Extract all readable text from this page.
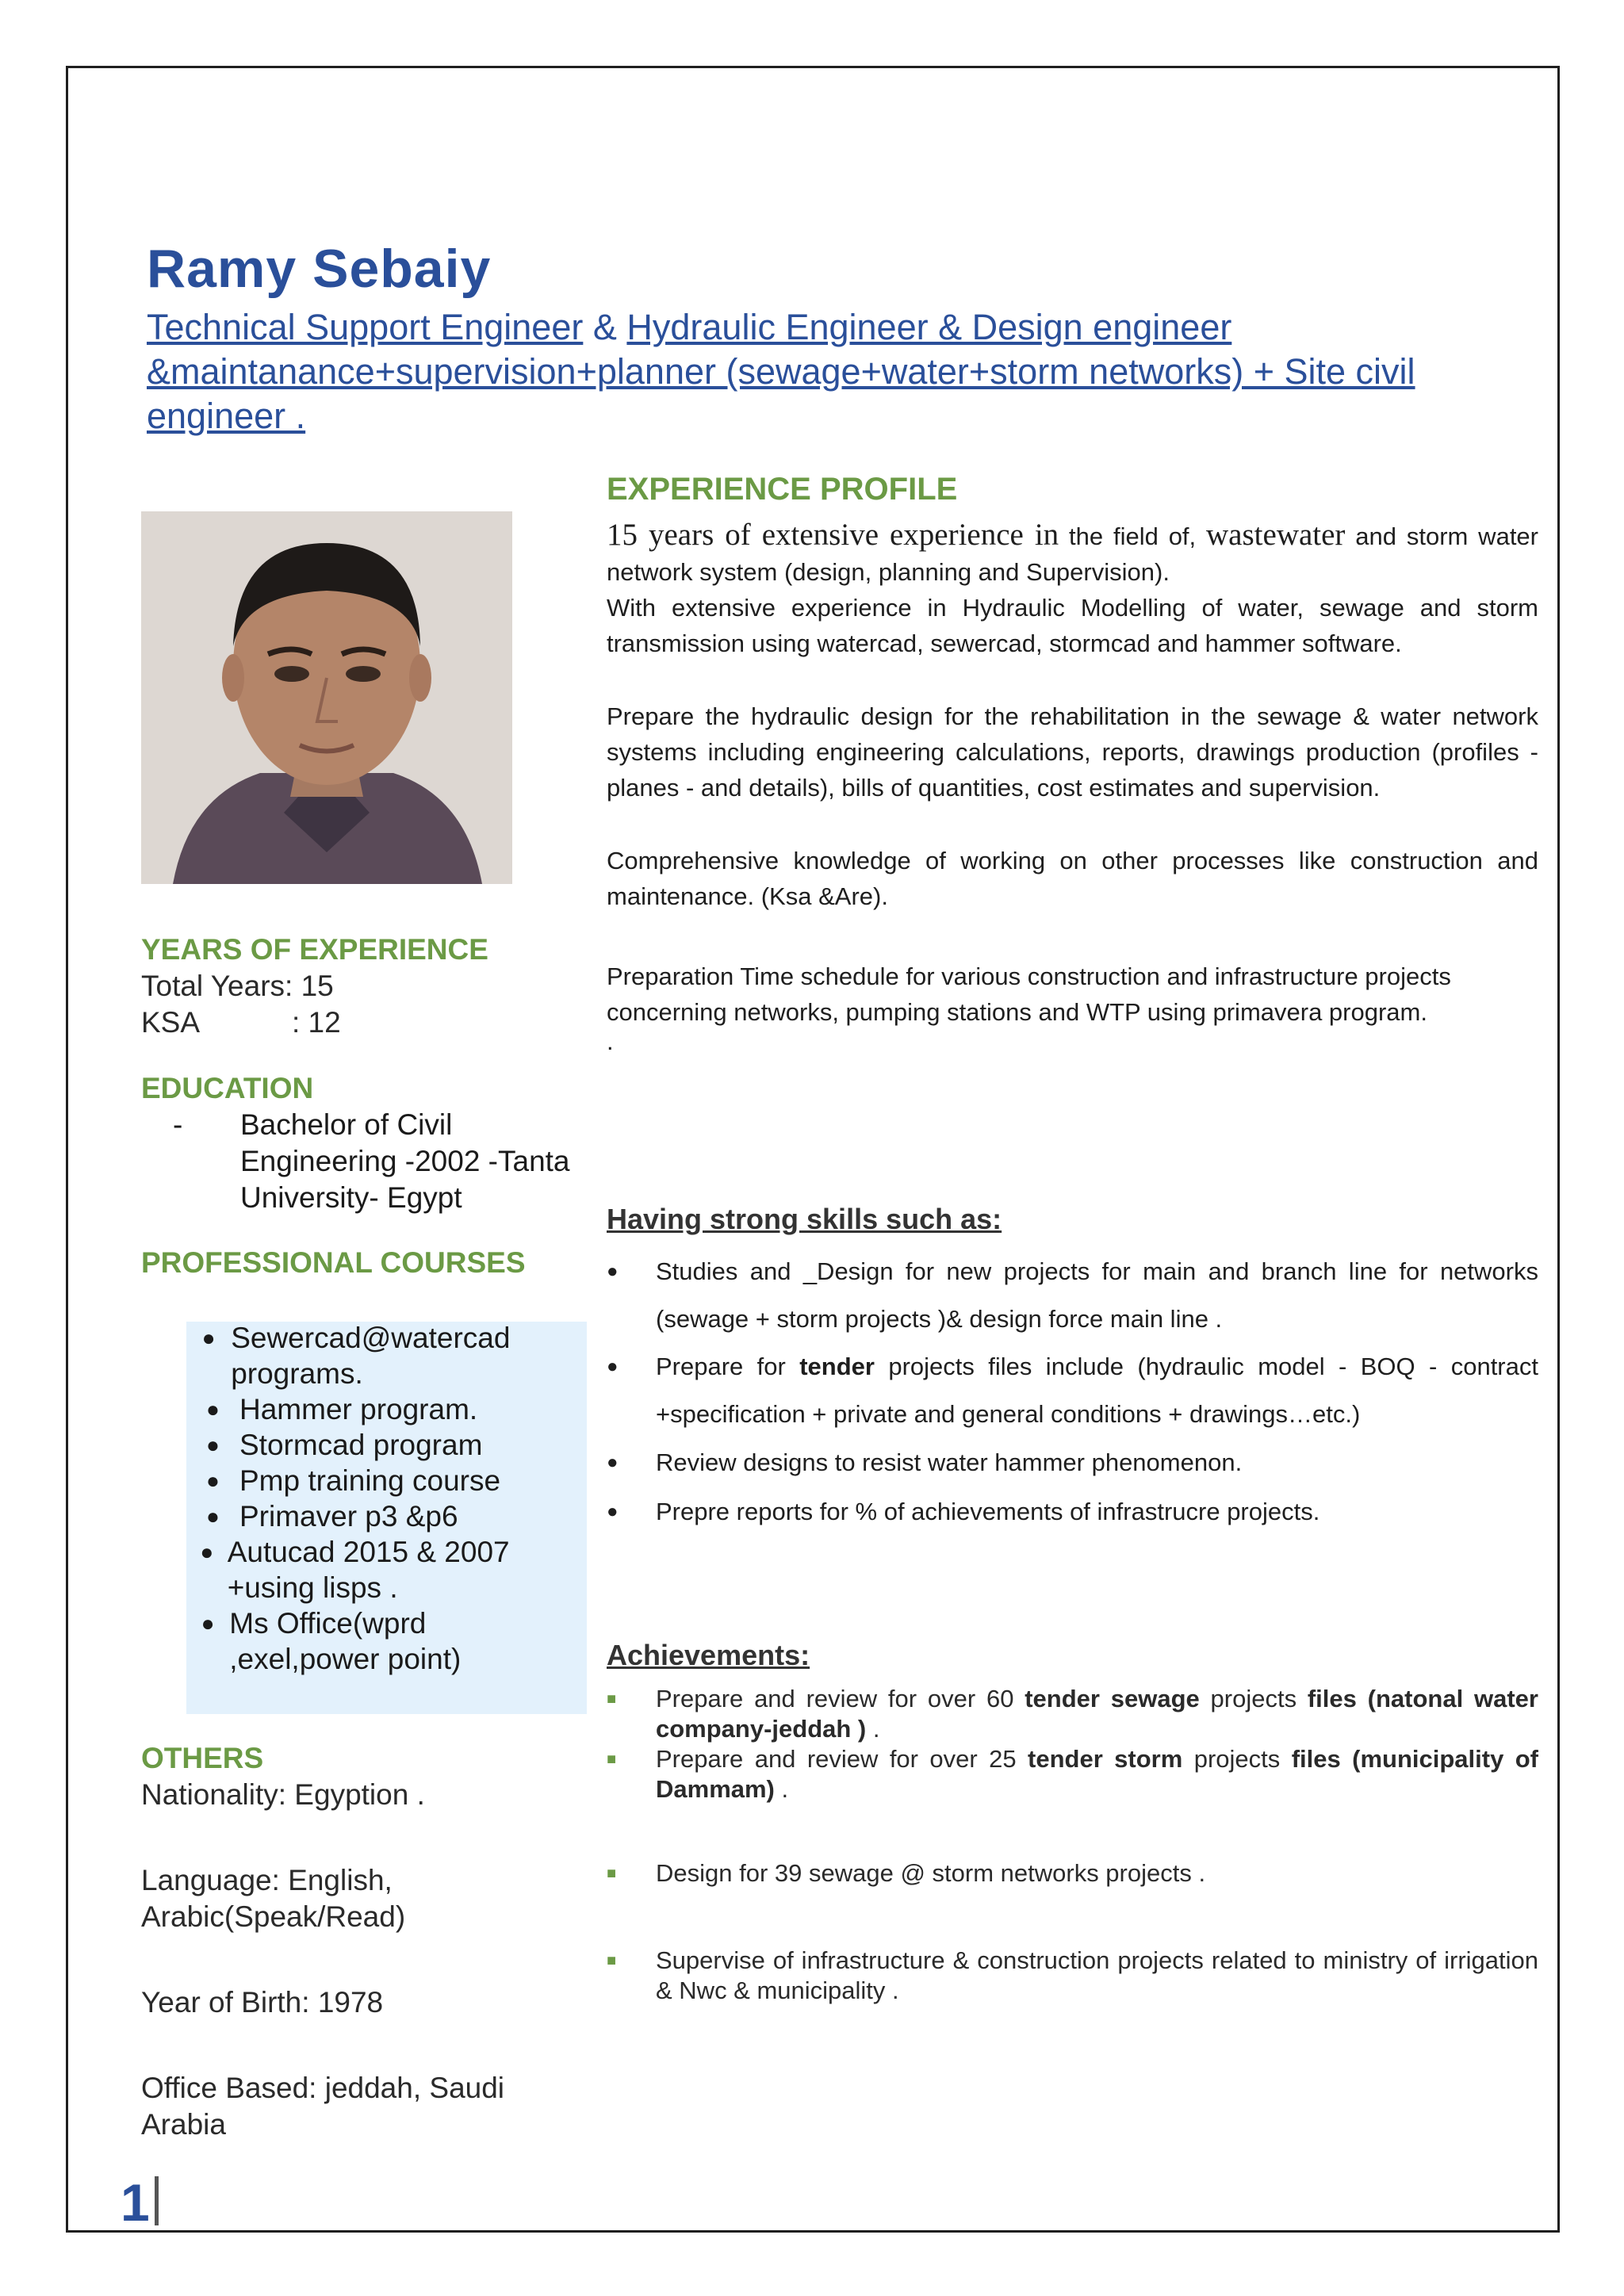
Ramy Sebaiy
Technical Support Engineer & Hydraulic Engineer & Design engineer &maintanance+supervision+planner (sewage+water+storm networks) + Site civil engineer .
YEARS OF EXPERIENCE
Total Years : 15
KSA	: 12
EDUCATION
-	Bachelor of Civil
Engineering -2002 -Tanta
University- Egypt
PROFESSIONAL COURSES
● Sewercad@watercad programs.
● Hammer program.
● Stormcad program
● Pmp training course
● Primaver p3 &p6
● Autucad 2015 & 2007 +using lisps .
● Ms Office(wprd ,exel,power point)
OTHERS
Nationality: Egyption .
Language: English, Arabic(Speak/Read)
Year of Birth: 1978
Office Based: jeddah, Saudi Arabia
EXPERIENCE PROFILE
15 years of extensive experience in the field of, wastewater and storm water network system (design, planning and Supervision).
With extensive experience in Hydraulic Modelling of water, sewage and storm transmission using watercad, sewercad, stormcad and hammer software.
Prepare the hydraulic design for the rehabilitation in the sewage & water network systems including engineering calculations, reports, drawings production (profiles - planes - and details), bills of quantities, cost estimates and supervision.
Comprehensive knowledge of working on other processes like construction and maintenance. (Ksa &Are).
Preparation Time schedule for various construction and infrastructure projects concerning networks, pumping stations and WTP using primavera program.
.
Having strong skills such as:
●	Studies and _Design for new projects for main and branch line for networks (sewage + storm projects )& design force main line .
●	Prepare for tender projects files include (hydraulic model - BOQ - contract +specification + private and general conditions + drawings…etc.)
●	Review designs to resist water hammer phenomenon.
●	Prepre reports for % of achievements of infrastrucre projects.
Achievements:
■	Prepare and review for over 60 tender sewage projects files (natonal water company-jeddah ) .
■	Prepare and review for over 25 tender storm projects files (municipality of Dammam) .
■	Design for 39 sewage @ storm networks projects .
■	Supervise of infrastructure & construction projects related to ministry of irrigation & Nwc & municipality .
1
